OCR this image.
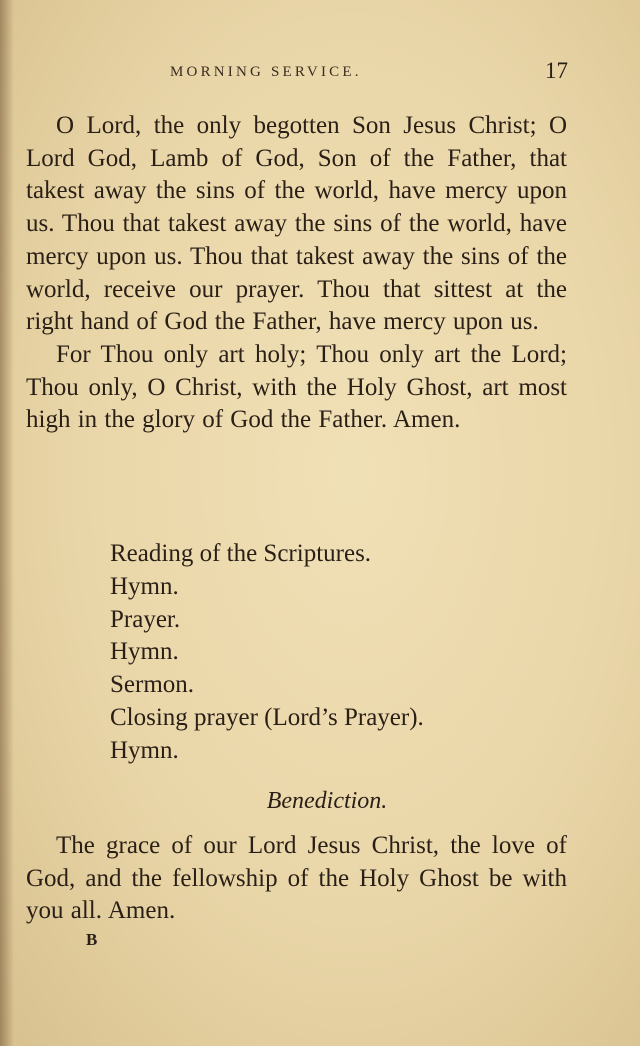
MORNING SERVICE.	17

O Lord, the only begotten Son Jesus Christ; O Lord God, Lamb of God, Son of the Father, that takest away the sins of the world, have mercy upon us. Thou that takest away the sins of the world, have mercy upon us. Thou that takest away the sins of the world, receive our prayer. Thou that sittest at the right hand of God the Father, have mercy upon us.

For Thou only art holy; Thou only art the Lord; Thou only, O Christ, with the Holy Ghost, art most high in the glory of God the Father. Amen.

Reading of the Scriptures.
Hymn.
Prayer.
Hymn.
Sermon.
Closing prayer (Lord’s Prayer).
Hymn.
Benediction.

The grace of our Lord Jesus Christ, the love of God, and the fellowship of the Holy Ghost be with you all. Amen.

B
